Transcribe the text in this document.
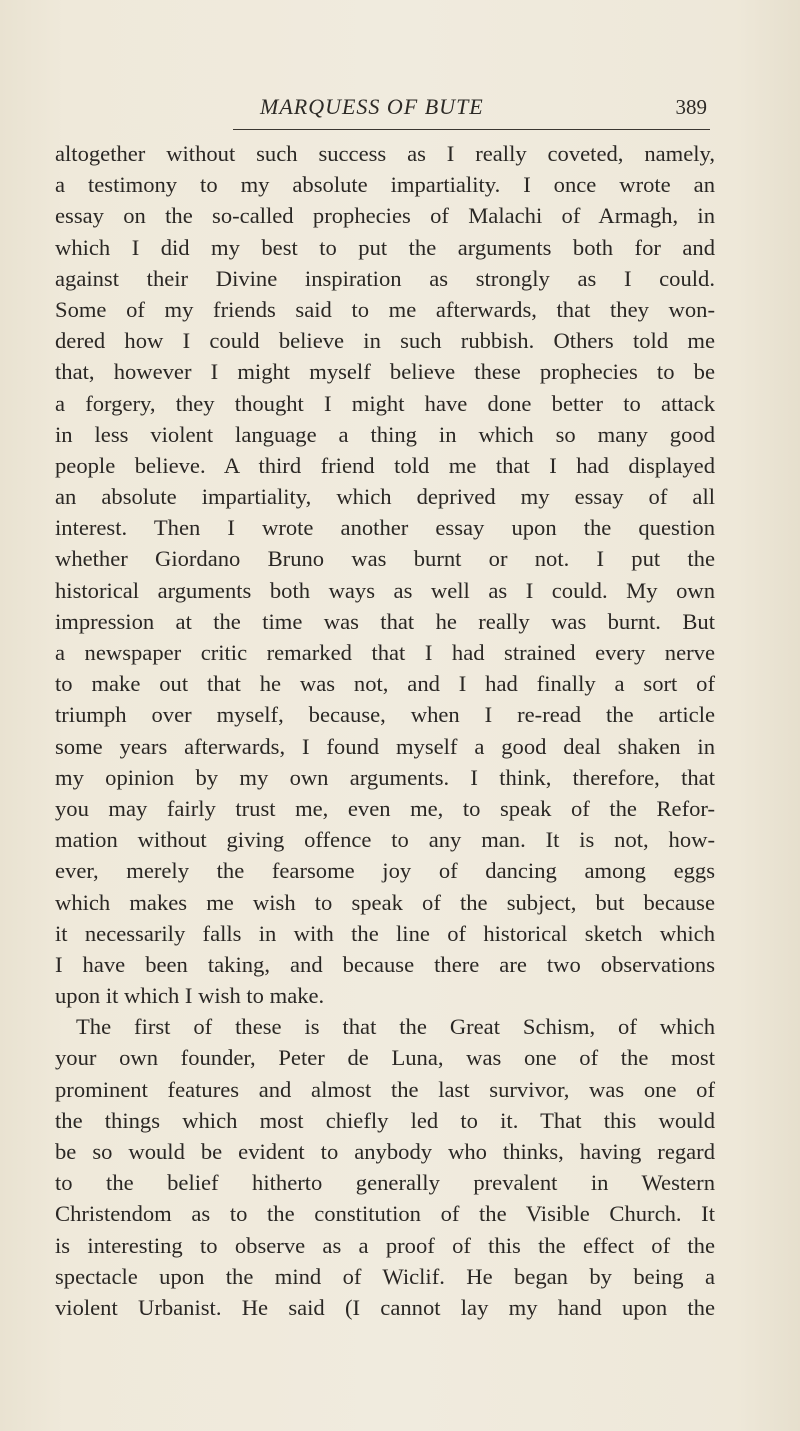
MARQUESS OF BUTE	389
altogether without such success as I really coveted, namely,
a testimony to my absolute impartiality. I once wrote an
essay on the so-called prophecies of Malachi of Armagh, in
which I did my best to put the arguments both for and
against their Divine inspiration as strongly as I could.
Some of my friends said to me afterwards, that they won-
dered how I could believe in such rubbish. Others told me
that, however I might myself believe these prophecies to be
a forgery, they thought I might have done better to attack
in less violent language a thing in which so many good
people believe. A third friend told me that I had displayed
an absolute impartiality, which deprived my essay of all
interest. Then I wrote another essay upon the question
whether Giordano Bruno was burnt or not. I put the
historical arguments both ways as well as I could. My own
impression at the time was that he really was burnt. But
a newspaper critic remarked that I had strained every nerve
to make out that he was not, and I had finally a sort of
triumph over myself, because, when I re-read the article
some years afterwards, I found myself a good deal shaken in
my opinion by my own arguments. I think, therefore, that
you may fairly trust me, even me, to speak of the Refor-
mation without giving offence to any man. It is not, how-
ever, merely the fearsome joy of dancing among eggs
which makes me wish to speak of the subject, but because
it necessarily falls in with the line of historical sketch which
I have been taking, and because there are two observations
upon it which I wish to make.
The first of these is that the Great Schism, of which
your own founder, Peter de Luna, was one of the most
prominent features and almost the last survivor, was one of
the things which most chiefly led to it. That this would
be so would be evident to anybody who thinks, having regard
to the belief hitherto generally prevalent in Western
Christendom as to the constitution of the Visible Church. It
is interesting to observe as a proof of this the effect of the
spectacle upon the mind of Wiclif. He began by being a
violent Urbanist. He said (I cannot lay my hand upon the
